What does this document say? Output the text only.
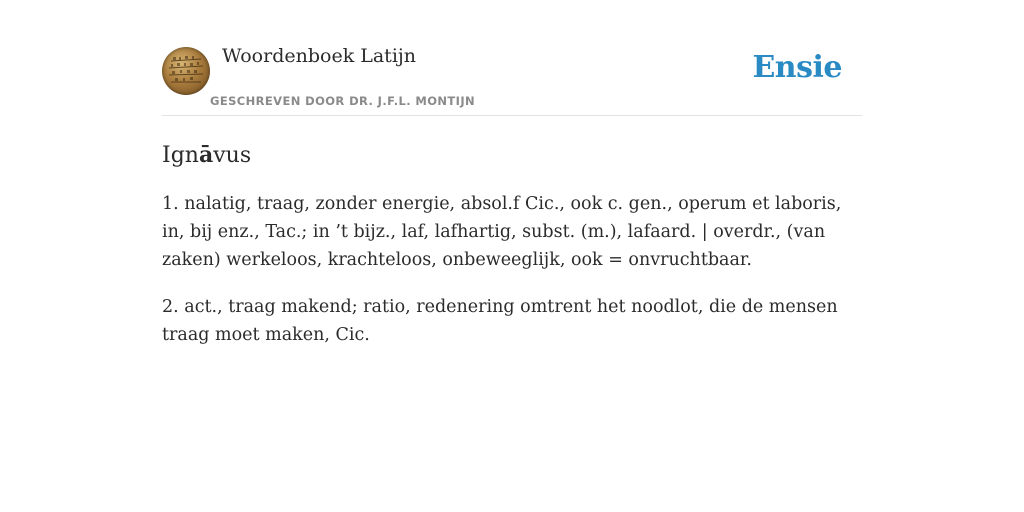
Woordenboek Latijn
GESCHREVEN DOOR DR. J.F.L. MONTIJN
Ensie
Ignāvus

1. nalatig, traag, zonder energie, absol.f Cic., ook c. gen., operum et laboris, in, bij enz., Tac.; in ’t bijz., laf, lafhartig, subst. (m.), lafaard. | overdr., (van zaken) werkeloos, krachteloos, onbeweeglijk, ook = onvruchtbaar.

2. act., traag makend; ratio, redenering omtrent het noodlot, die de mensen traag moet maken, Cic.
